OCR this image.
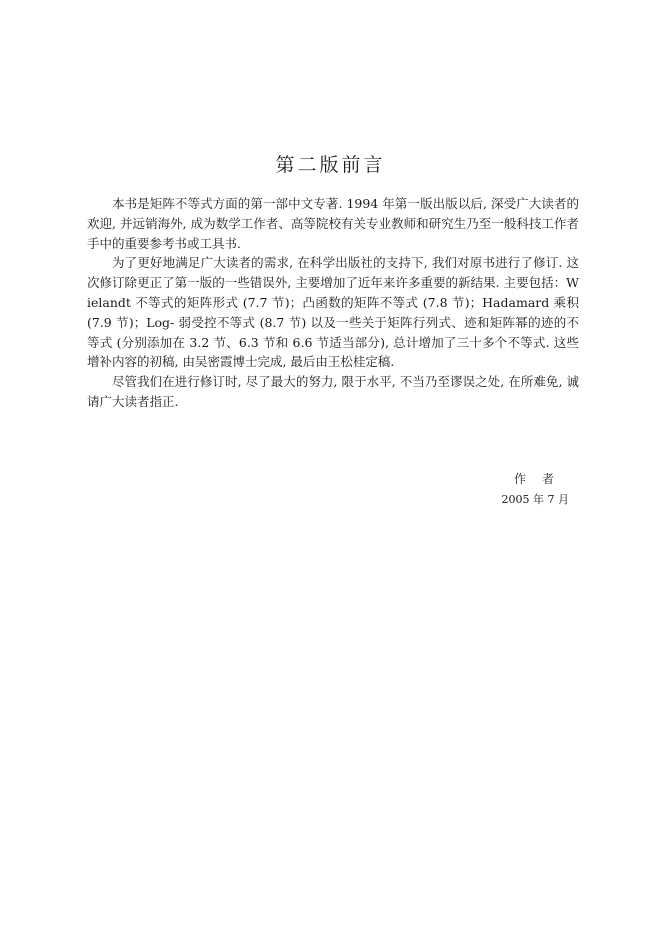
第二版前言

本书是矩阵不等式方面的第一部中文专著. 1994 年第一版出版以后, 深受广大读者的欢迎, 并远销海外, 成为数学工作者、高等院校有关专业教师和研究生乃至一般科技工作者手中的重要参考书或工具书.

为了更好地满足广大读者的需求, 在科学出版社的支持下, 我们对原书进行了修订. 这次修订除更正了第一版的一些错误外, 主要增加了近年来许多重要的新结果. 主要包括：Wielandt 不等式的矩阵形式 (7.7 节)；凸函数的矩阵不等式 (7.8 节)；Hadamard 乘积 (7.9 节)；Log- 弱受控不等式 (8.7 节) 以及一些关于矩阵行列式、迹和矩阵幂的迹的不等式 (分别添加在 3.2 节、6.3 节和 6.6 节适当部分), 总计增加了三十多个不等式. 这些增补内容的初稿, 由吴密霞博士完成, 最后由王松桂定稿.

尽管我们在进行修订时, 尽了最大的努力, 限于水平, 不当乃至谬误之处, 在所难免, 诚请广大读者指正.

作　者
2005 年 7 月
